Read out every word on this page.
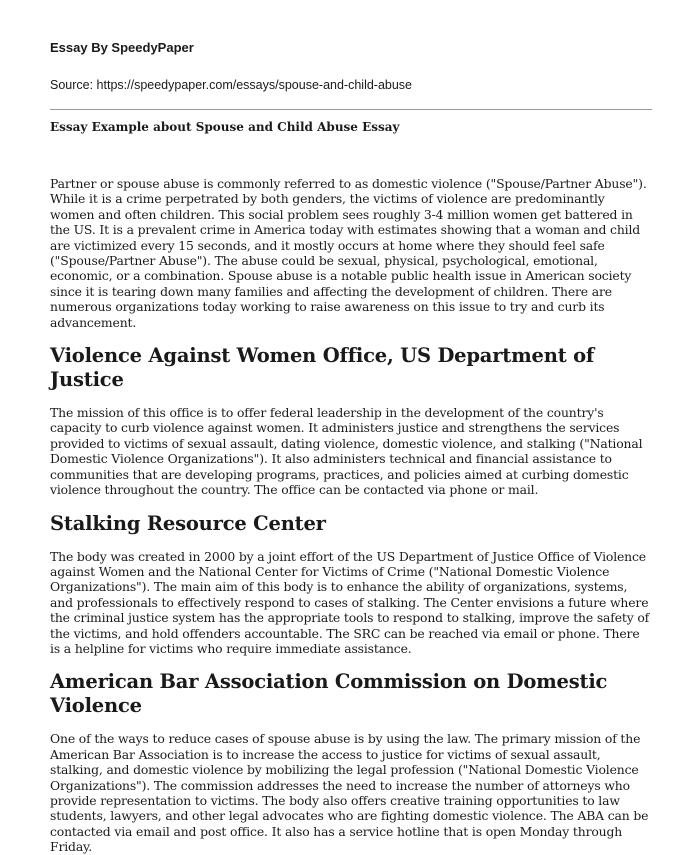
Essay By SpeedyPaper
Source: https://speedypaper.com/essays/spouse-and-child-abuse
Essay Example about Spouse and Child Abuse Essay

Partner or spouse abuse is commonly referred to as domestic violence ("Spouse/Partner Abuse"). While it is a crime perpetrated by both genders, the victims of violence are predominantly women and often children. This social problem sees roughly 3-4 million women get battered in the US. It is a prevalent crime in America today with estimates showing that a woman and child are victimized every 15 seconds, and it mostly occurs at home where they should feel safe ("Spouse/Partner Abuse"). The abuse could be sexual, physical, psychological, emotional, economic, or a combination. Spouse abuse is a notable public health issue in American society since it is tearing down many families and affecting the development of children. There are numerous organizations today working to raise awareness on this issue to try and curb its advancement.

Violence Against Women Office, US Department of Justice

The mission of this office is to offer federal leadership in the development of the country's capacity to curb violence against women. It administers justice and strengthens the services provided to victims of sexual assault, dating violence, domestic violence, and stalking ("National Domestic Violence Organizations"). It also administers technical and financial assistance to communities that are developing programs, practices, and policies aimed at curbing domestic violence throughout the country. The office can be contacted via phone or mail.

Stalking Resource Center

The body was created in 2000 by a joint effort of the US Department of Justice Office of Violence against Women and the National Center for Victims of Crime ("National Domestic Violence Organizations"). The main aim of this body is to enhance the ability of organizations, systems, and professionals to effectively respond to cases of stalking. The Center envisions a future where the criminal justice system has the appropriate tools to respond to stalking, improve the safety of the victims, and hold offenders accountable. The SRC can be reached via email or phone. There is a helpline for victims who require immediate assistance.

American Bar Association Commission on Domestic Violence

One of the ways to reduce cases of spouse abuse is by using the law. The primary mission of the American Bar Association is to increase the access to justice for victims of sexual assault, stalking, and domestic violence by mobilizing the legal profession ("National Domestic Violence Organizations"). The commission addresses the need to increase the number of attorneys who provide representation to victims. The body also offers creative training opportunities to law students, lawyers, and other legal advocates who are fighting domestic violence. The ABA can be contacted via email and post office. It also has a service hotline that is open Monday through Friday.
